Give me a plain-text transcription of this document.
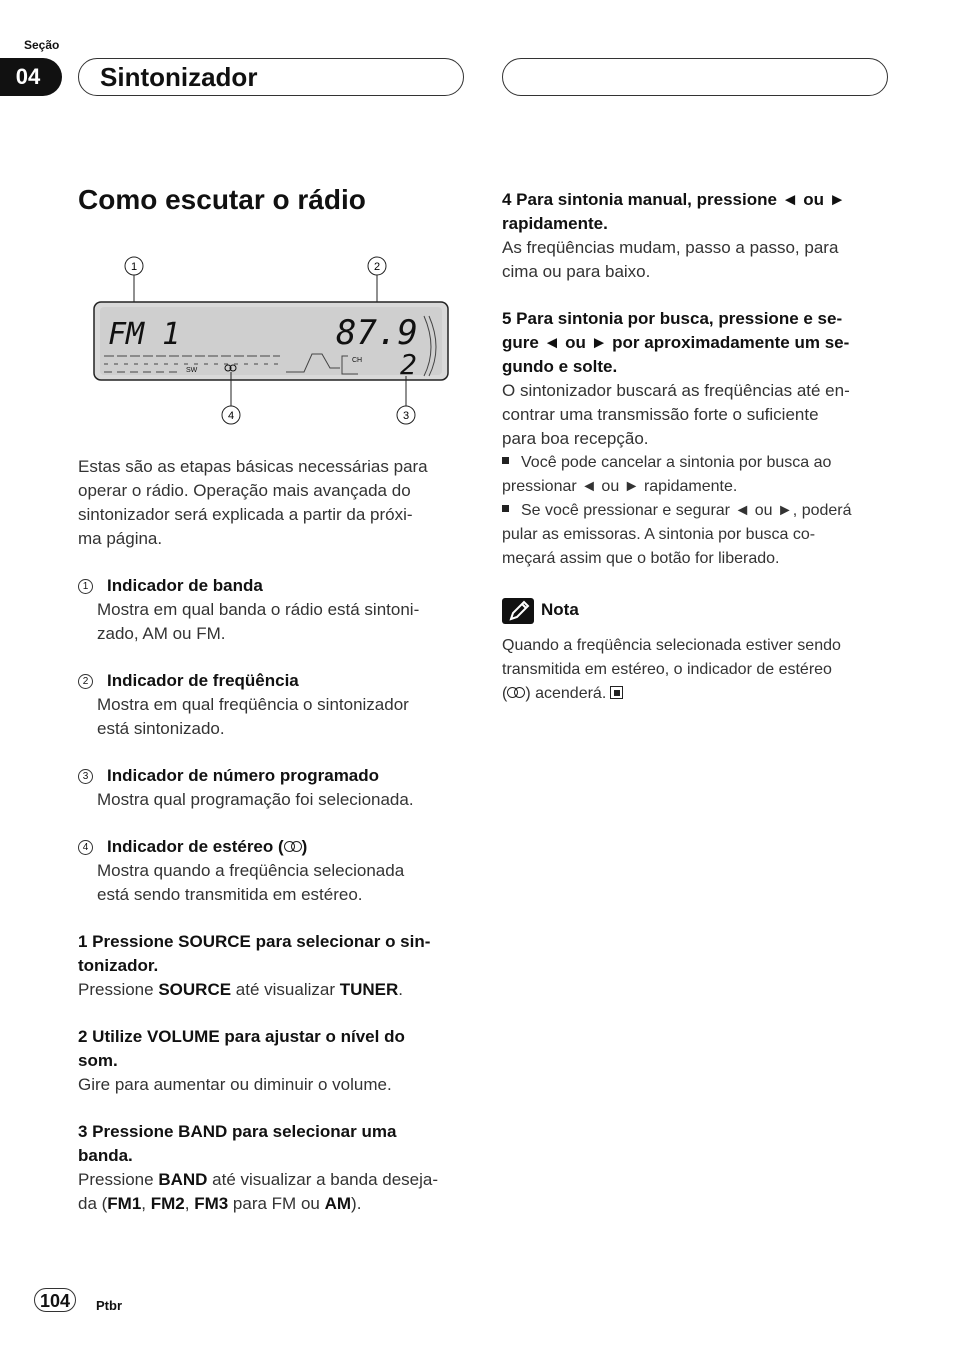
Seção
04	Sintonizador
Como escutar o rádio
1	2
FM 1	87.9
2
SW
CH
4	3
Estas são as etapas básicas necessárias para
operar o rádio. Operação mais avançada do
sintonizador será explicada a partir da próxi-
ma página.
1 Indicador de banda
Mostra em qual banda o rádio está sintoni-
zado, AM ou FM.
2 Indicador de freqüência
Mostra em qual freqüência o sintonizador
está sintonizado.
3 Indicador de número programado
Mostra qual programação foi selecionada.
4 Indicador de estéreo ( )
Mostra quando a freqüência selecionada
está sendo transmitida em estéreo.
1 Pressione SOURCE para selecionar o sin-
tonizador.
Pressione SOURCE até visualizar TUNER.
2 Utilize VOLUME para ajustar o nível do
som.
Gire para aumentar ou diminuir o volume.
3 Pressione BAND para selecionar uma
banda.
Pressione BAND até visualizar a banda deseja-
da (FM1, FM2, FM3 para FM ou AM).
4 Para sintonia manual, pressione ◄ ou ►
rapidamente.
As freqüências mudam, passo a passo, para
cima ou para baixo.
5 Para sintonia por busca, pressione e se-
gure ◄ ou ► por aproximadamente um se-
gundo e solte.
O sintonizador buscará as freqüências até en-
contrar uma transmissão forte o suficiente
para boa recepção.
Você pode cancelar a sintonia por busca ao
pressionar ◄ ou ► rapidamente.
Se você pressionar e segurar ◄ ou ►, poderá
pular as emissoras. A sintonia por busca co-
meçará assim que o botão for liberado.
Nota
Quando a freqüência selecionada estiver sendo
transmitida em estéreo, o indicador de estéreo
( ) acenderá.
104	Ptbr
